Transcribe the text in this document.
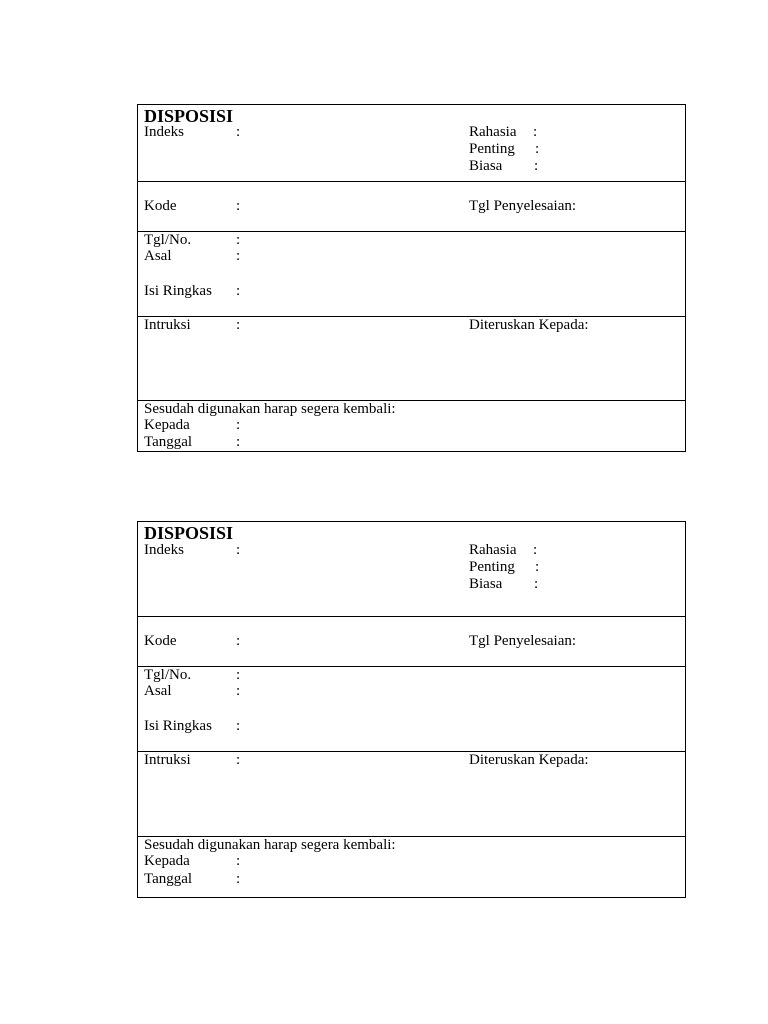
DISPOSISI
Indeks	:	Rahasia :
Penting :
Biasa :
Kode	:	Tgl Penyelesaian:
Tgl/No.	:
Asal	:
Isi Ringkas :
Intruksi	:	Diteruskan Kepada:
Sesudah digunakan harap segera kembali:
Kepada	:
Tanggal	:
DISPOSISI
Indeks	:	Rahasia :
Penting :
Biasa :
Kode	:	Tgl Penyelesaian:
Tgl/No.	:
Asal	:
Isi Ringkas :
Intruksi	:	Diteruskan Kepada:
Sesudah digunakan harap segera kembali:
Kepada	:
Tanggal	:
